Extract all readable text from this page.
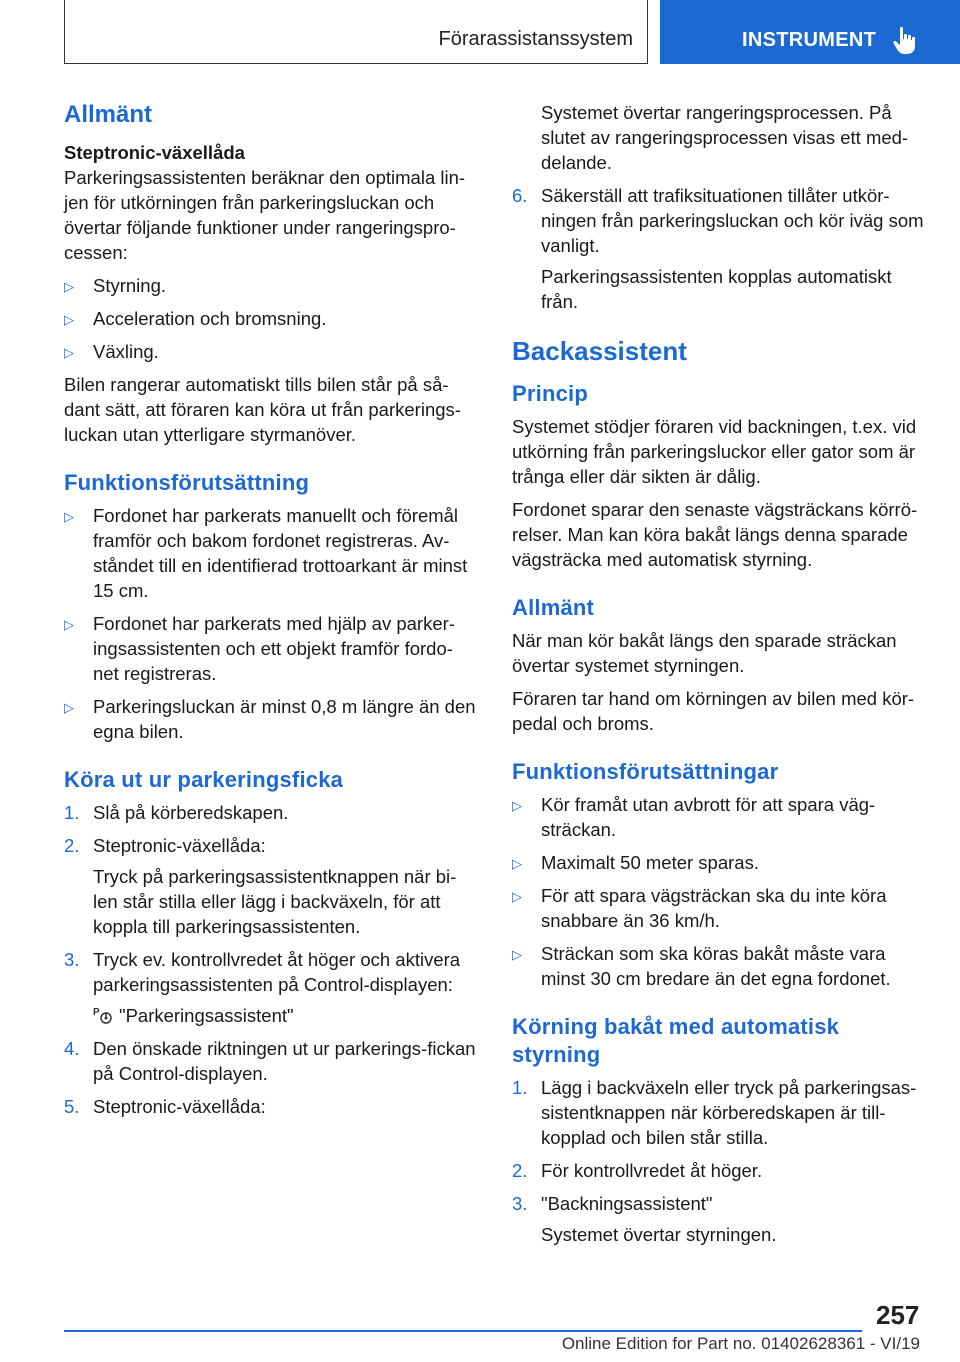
Förarassistanssystem	INSTRUMENT
Allmänt
Steptronic-växellåda

Parkeringsassistenten beräknar den optimala lin-jen för utkörningen från parkeringsluckan och övertar följande funktioner under rangeringspro-cessen:

▷ Styrning.
▷ Acceleration och bromsning.
▷ Växling.

Bilen rangerar automatiskt tills bilen står på så-dant sätt, att föraren kan köra ut från parkerings-luckan utan ytterligare styrmanöver.

Funktionsförutsättning
▷ Fordonet har parkerats manuellt och föremål framför och bakom fordonet registreras. Av-ståndet till en identifierad trottoarkant är minst 15 cm.
▷ Fordonet har parkerats med hjälp av parker-ingsassistenten och ett objekt framför fordo-net registreras.
▷ Parkeringsluckan är minst 0,8 m längre än den egna bilen.
Köra ut ur parkeringsficka
1. Slå på körberedskapen.
2. Steptronic-växellåda:

Tryck på parkeringsassistentknappen när bi-len står stilla eller lägg i backväxeln, för att koppla till parkeringsassistenten.

3. Tryck ev. kontrollvredet åt höger och aktivera parkeringsassistenten på Control-displayen:

P "Parkeringsassistent"

4. Den önskade riktningen ut ur parkerings-fickan på Control-displayen.
5. Steptronic-växellåda:

Systemet övertar rangeringsprocessen. På slutet av rangeringsprocessen visas ett med-delande.

6. Säkerställ att trafiksituationen tillåter utkör-ningen från parkeringsluckan och kör iväg som vanligt.

Parkeringsassistenten kopplas automatiskt från.

Backassistent
Princip

Systemet stödjer föraren vid backningen, t.ex. vid utkörning från parkeringsluckor eller gator som är trånga eller där sikten är dålig.

Fordonet sparar den senaste vägsträckans körrö-relser. Man kan köra bakåt längs denna sparade vägsträcka med automatisk styrning.

Allmänt

När man kör bakåt längs den sparade sträckan övertar systemet styrningen.

Föraren tar hand om körningen av bilen med kör-pedal och broms.

Funktionsförutsättningar
▷ Kör framåt utan avbrott för att spara väg-sträckan.
▷ Maximalt 50 meter sparas.
▷ För att spara vägsträckan ska du inte köra snabbare än 36 km/h.
▷ Sträckan som ska köras bakåt måste vara minst 30 cm bredare än det egna fordonet.
Körning bakåt med automatisk styrning
1. Lägg i backväxeln eller tryck på parkeringsas-sistentknappen när körberedskapen är till-kopplad och bilen står stilla.
2. För kontrollvredet åt höger.
3. "Backningsassistent"

Systemet övertar styrningen.

257
Online Edition for Part no. 01402628361 - VI/19
